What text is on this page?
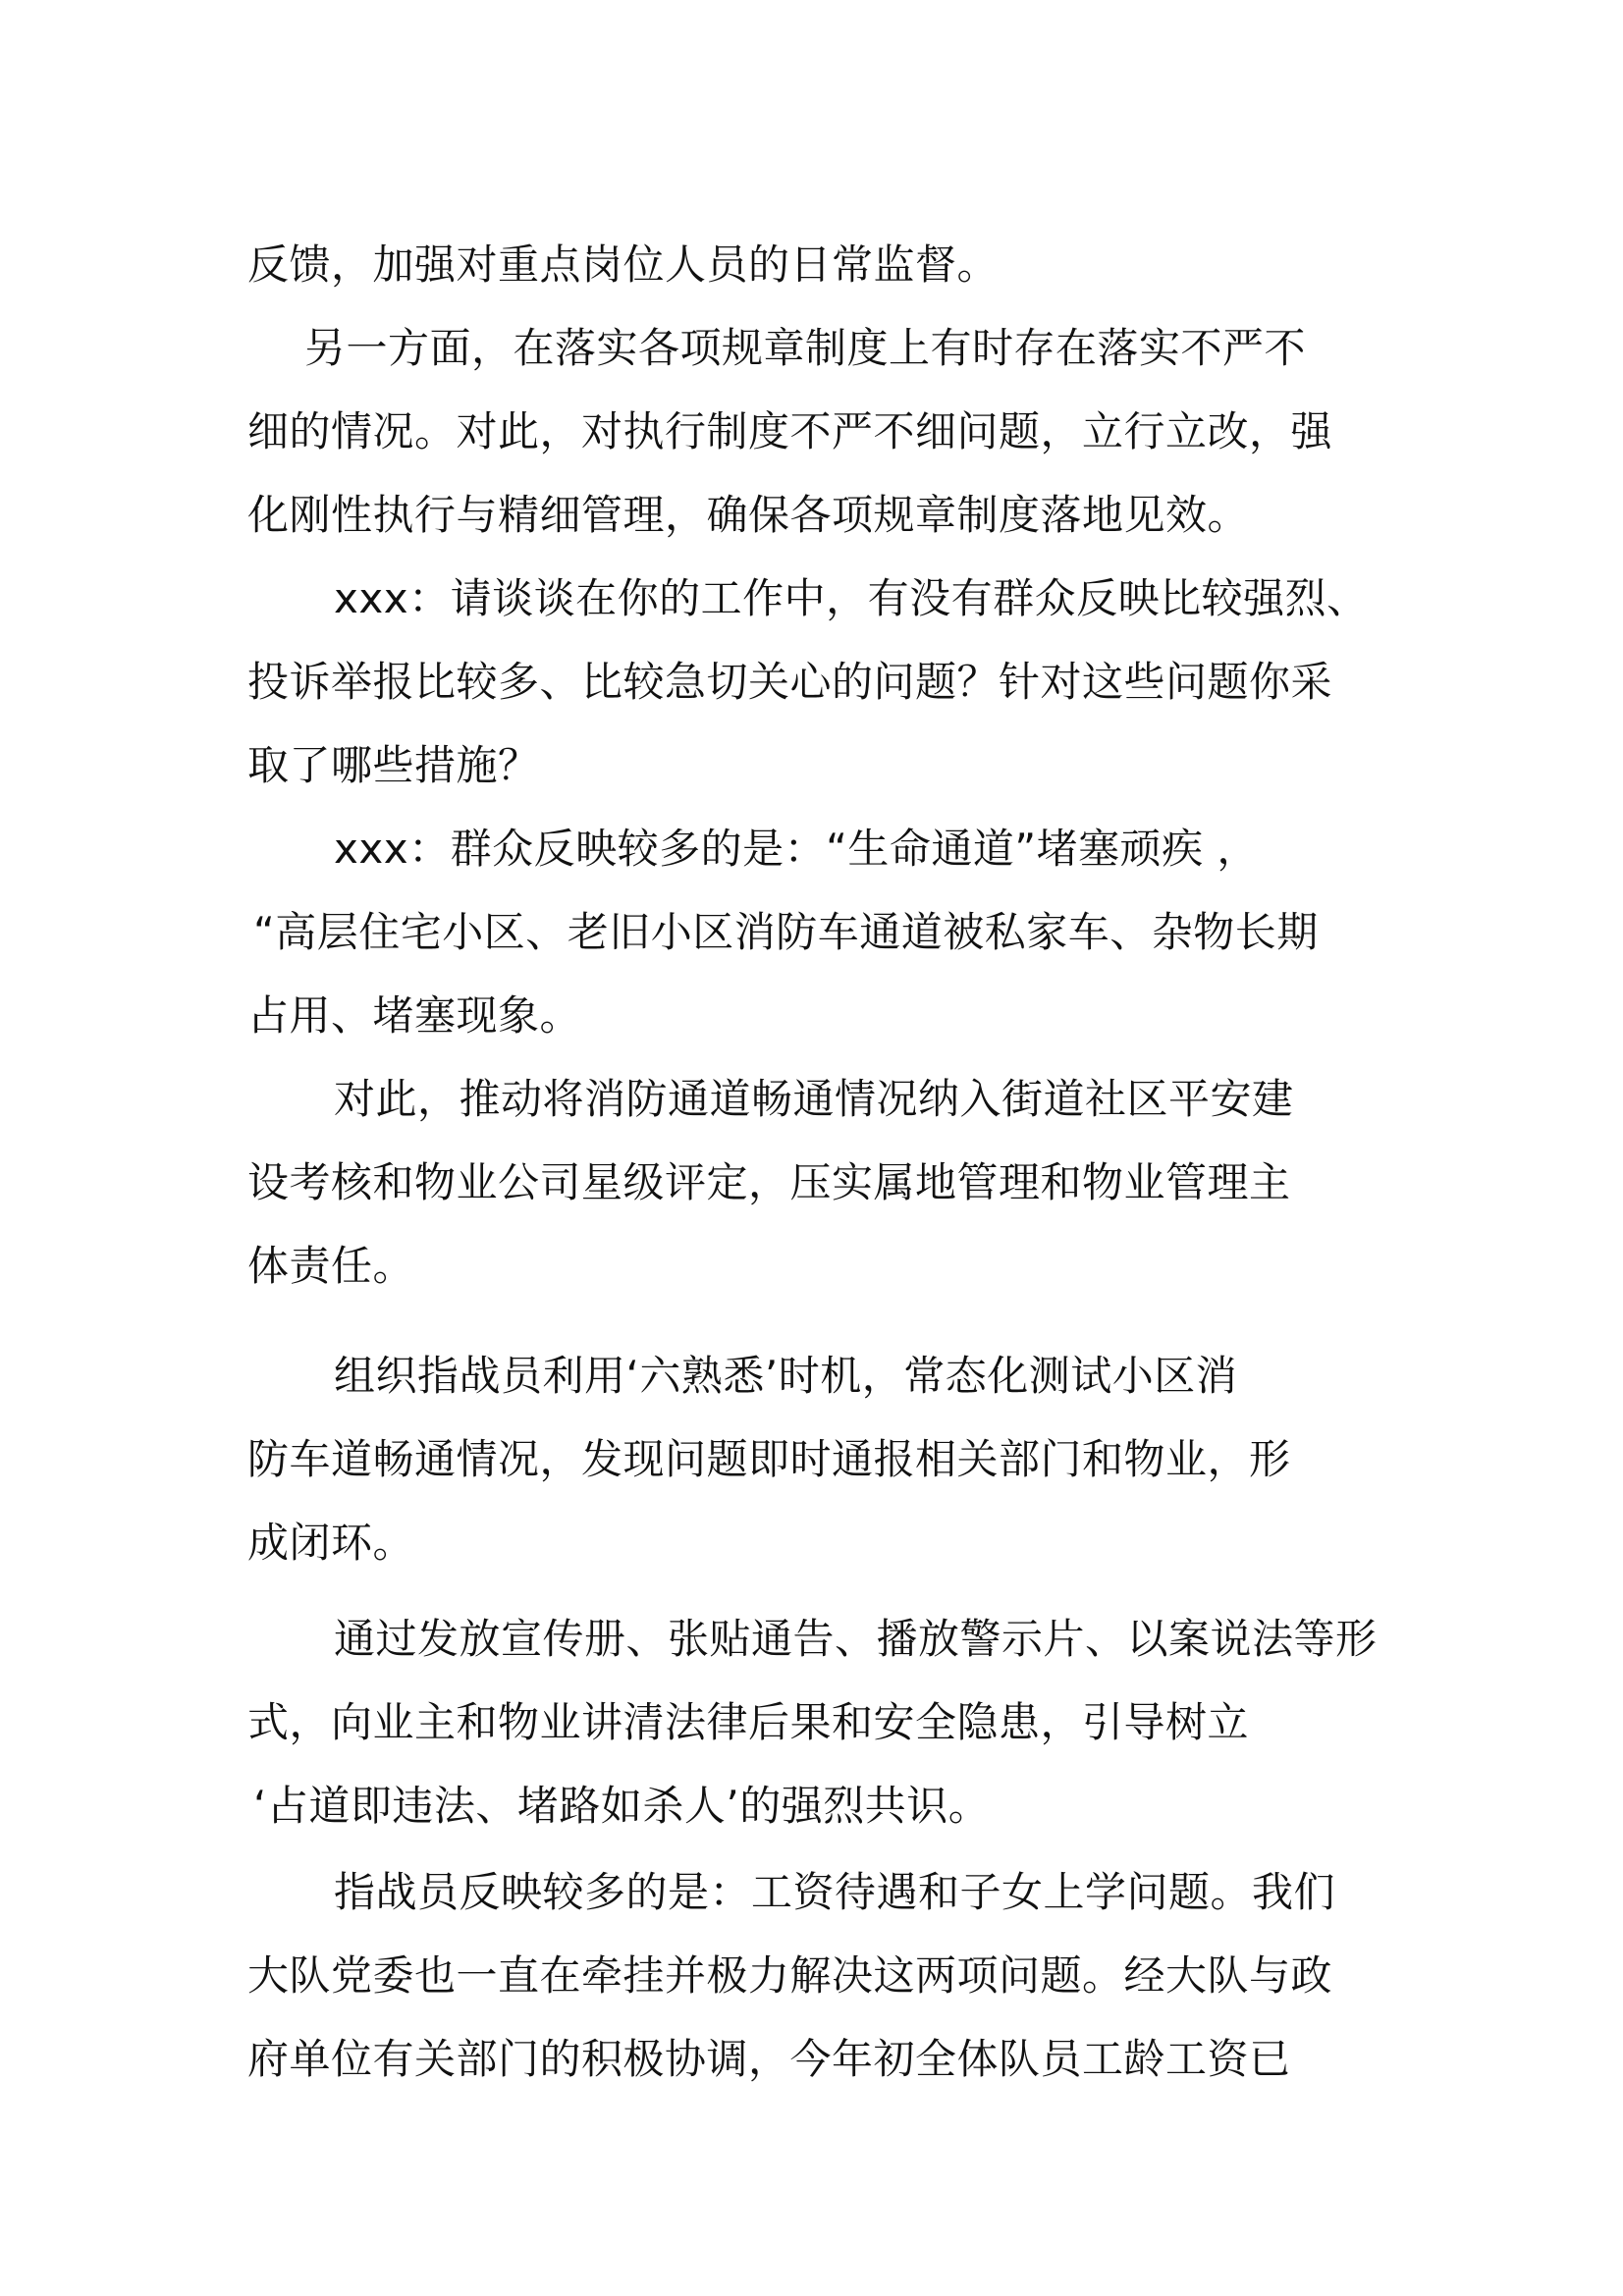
反馈，加强对重点岗位人员的日常监督。
另一方面，在落实各项规章制度上有时存在落实不严不
细的情况。对此，对执行制度不严不细问题，立行立改，强
化刚性执行与精细管理，确保各项规章制度落地见效。
xxx：请谈谈在你的工作中，有没有群众反映比较强烈、
投诉举报比较多、比较急切关心的问题？针对这些问题你采
取了哪些措施？
xxx：群众反映较多的是：“生命通道”堵塞顽疾 ，
“高层住宅小区、老旧小区消防车通道被私家车、杂物长期
占用、堵塞现象。
对此，推动将消防通道畅通情况纳入街道社区平安建
设考核和物业公司星级评定，压实属地管理和物业管理主
体责任。
组织指战员利用‘六熟悉’时机，常态化测试小区消
防车道畅通情况，发现问题即时通报相关部门和物业，形
成闭环。
通过发放宣传册、张贴通告、播放警示片、以案说法等形
式，向业主和物业讲清法律后果和安全隐患，引导树立
‘占道即违法、堵路如杀人’的强烈共识。
指战员反映较多的是：工资待遇和子女上学问题。我们
大队党委也一直在牵挂并极力解决这两项问题。经大队与政
府单位有关部门的积极协调，今年初全体队员工龄工资已
